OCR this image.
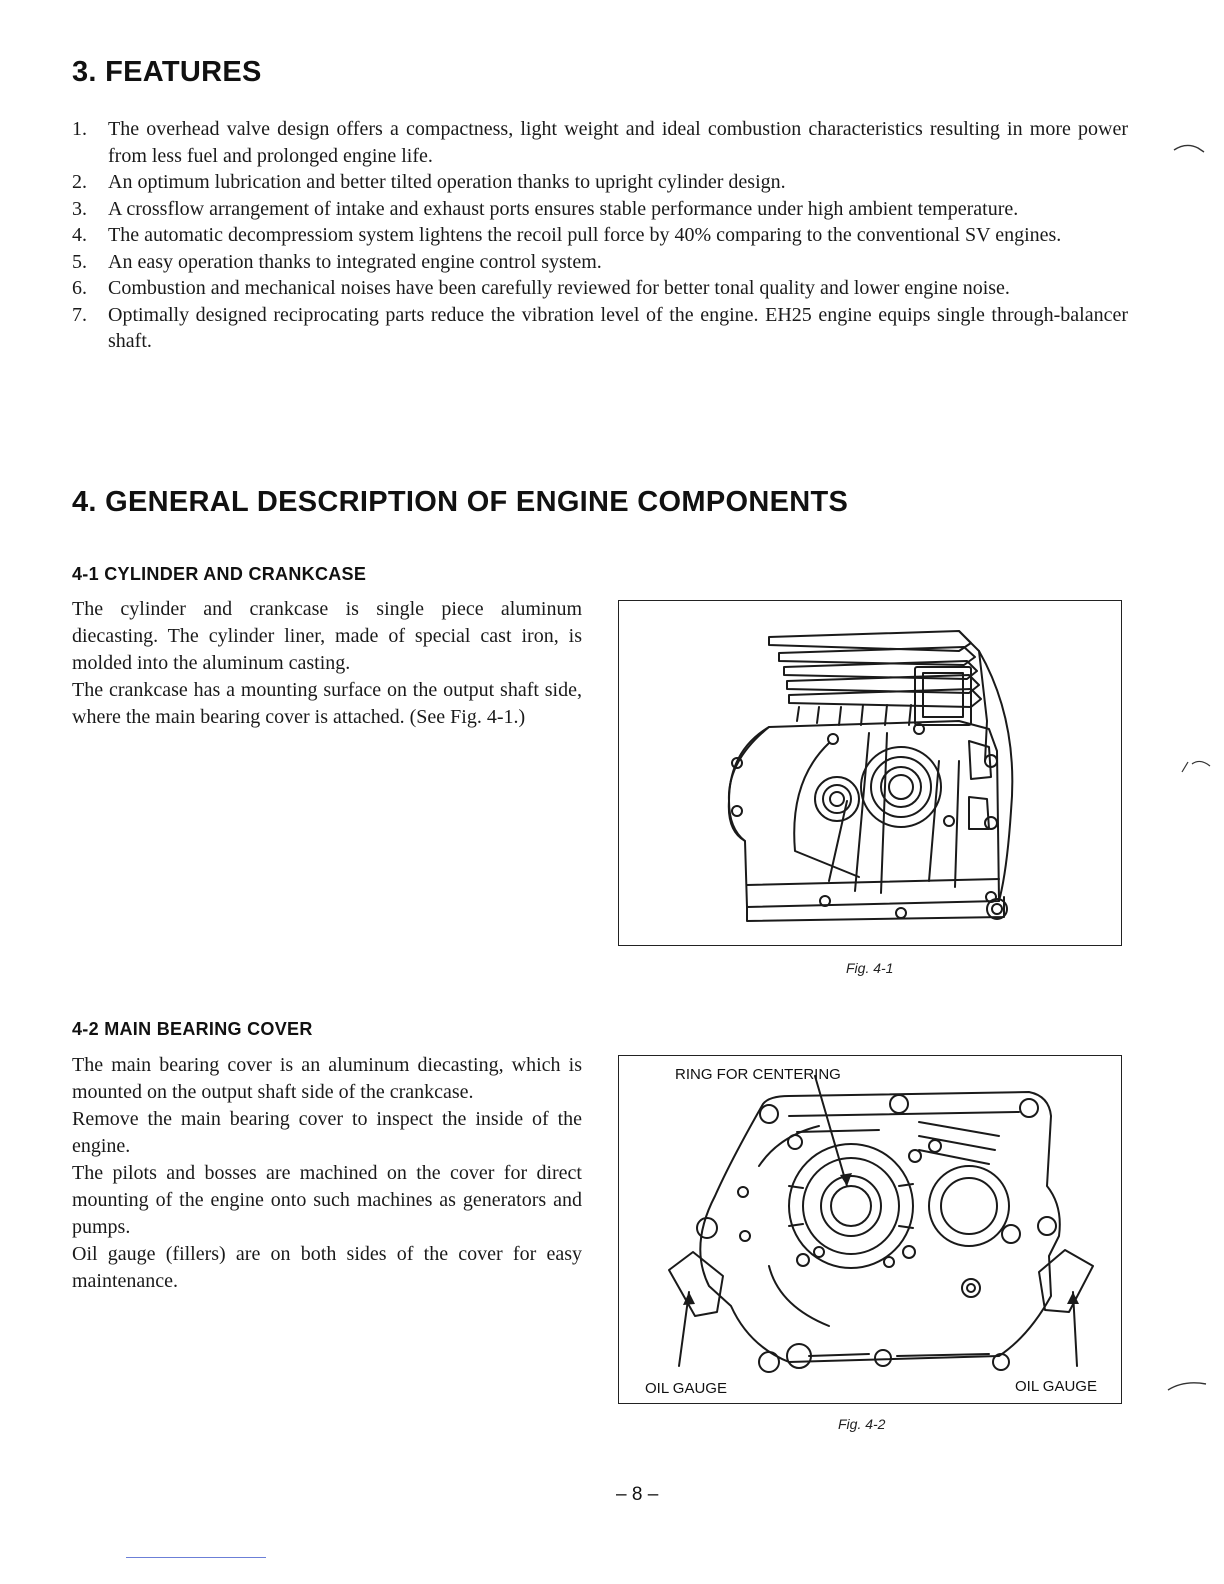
3. FEATURES
1. The overhead valve design offers a compactness, light weight and ideal combustion characteristics resulting in more power from less fuel and prolonged engine life.
2. An optimum lubrication and better tilted operation thanks to upright cylinder design.
3. A crossflow arrangement of intake and exhaust ports ensures stable performance under high ambient temperature.
4. The automatic decompressiom system lightens the recoil pull force by 40% comparing to the conventional SV engines.
5. An easy operation thanks to integrated engine control system.
6. Combustion and mechanical noises have been carefully reviewed for better tonal quality and lower engine noise.
7. Optimally designed reciprocating parts reduce the vibration level of the engine. EH25 engine equips single through-balancer shaft.
4. GENERAL DESCRIPTION OF ENGINE COMPONENTS
4-1 CYLINDER AND CRANKCASE

The cylinder and crankcase is single piece aluminum diecasting. The cylinder liner, made of special cast iron, is molded into the aluminum casting.

The crankcase has a mounting surface on the output shaft side, where the main bearing cover is attached. (See Fig. 4-1.)

Fig. 4-1
4-2 MAIN BEARING COVER

The main bearing cover is an aluminum diecasting, which is mounted on the output shaft side of the crankcase.

Remove the main bearing cover to inspect the inside of the engine.

The pilots and bosses are machined on the cover for direct mounting of the engine onto such machines as generators and pumps.

Oil gauge (fillers) are on both sides of the cover for easy maintenance.

RING FOR CENTERING
OIL GAUGE	OIL GAUGE
Fig. 4-2
– 8 –
